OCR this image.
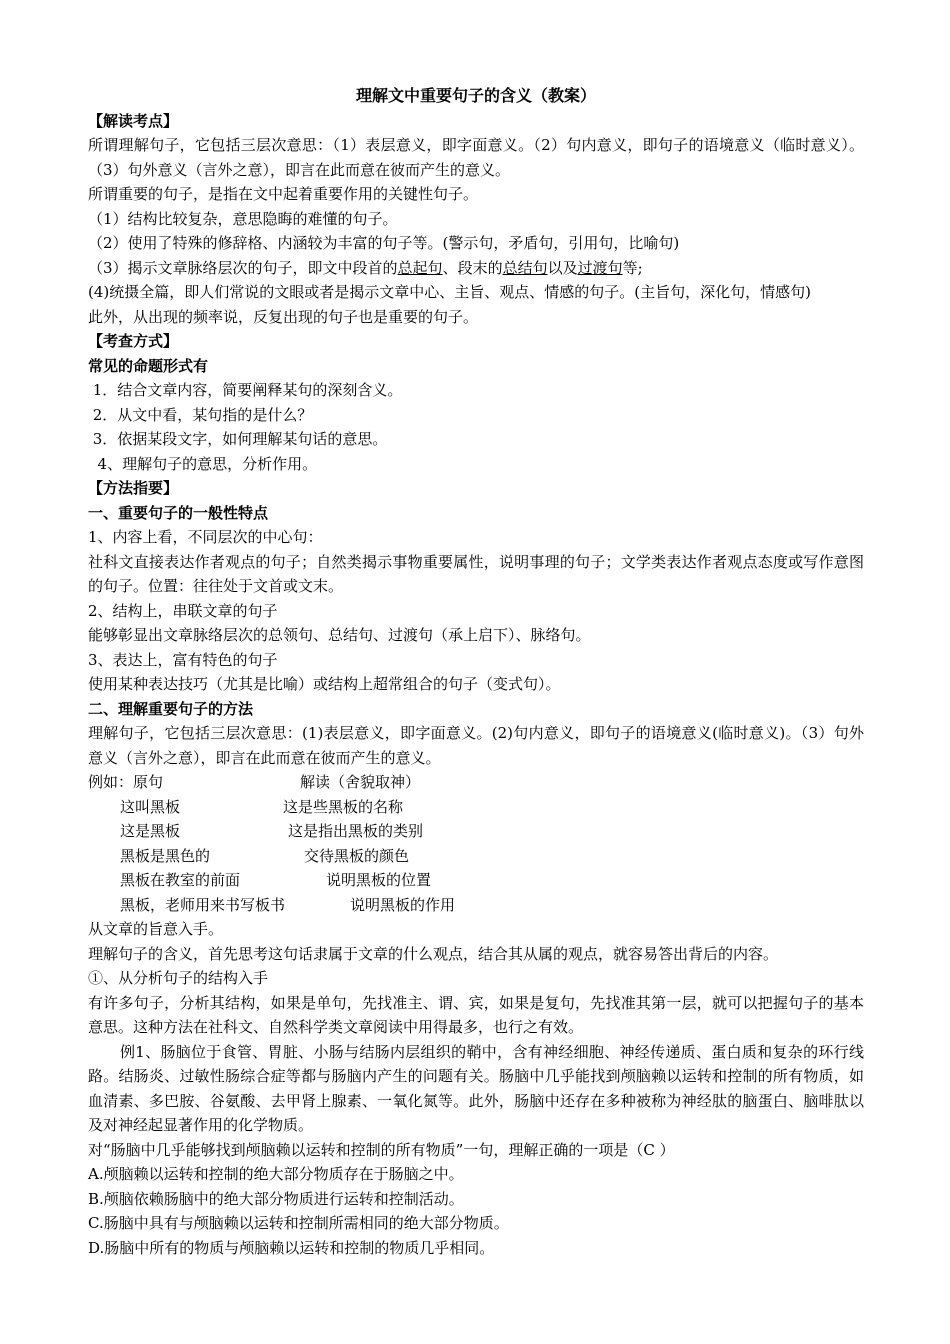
理解文中重要句子的含义（教案）
【解读考点】
所谓理解句子，它包括三层次意思：（1）表层意义，即字面意义。（2）句内意义，即句子的语境意义（临时意义）。（3）句外意义（言外之意），即言在此而意在彼而产生的意义。
所谓重要的句子，是指在文中起着重要作用的关键性句子。
（1）结构比较复杂，意思隐晦的难懂的句子。
（2）使用了特殊的修辞格、内涵较为丰富的句子等。(警示句，矛盾句，引用句，比喻句)
（3）揭示文章脉络层次的句子，即文中段首的总起句、段末的总结句以及过渡句等;
(4)统摄全篇，即人们常说的文眼或者是揭示文章中心、主旨、观点、情感的句子。(主旨句，深化句，情感句)
此外，从出现的频率说，反复出现的句子也是重要的句子。
【考查方式】
常见的命题形式有
1．结合文章内容，简要阐释某句的深刻含义。
2．从文中看，某句指的是什么？
3．依据某段文字，如何理解某句话的意思。
4、理解句子的意思，分析作用。
【方法指要】
一、重要句子的一般性特点
1、内容上看，不同层次的中心句：
社科文直接表达作者观点的句子；自然类揭示事物重要属性，说明事理的句子；文学类表达作者观点态度或写作意图的句子。位置：往往处于文首或文末。
2、结构上，串联文章的句子
能够彰显出文章脉络层次的总领句、总结句、过渡句（承上启下）、脉络句。
3、表达上，富有特色的句子
使用某种表达技巧（尤其是比喻）或结构上超常组合的句子（变式句）。
二、理解重要句子的方法
理解句子，它包括三层次意思：(1)表层意义，即字面意义。(2)句内意义，即句子的语境意义(临时意义)。（3）句外意义（言外之意），即言在此而意在彼而产生的意义。
例如：原句	解读（舍貌取神）
这叫黑板	这是些黑板的名称
这是黑板	这是指出黑板的类别
黑板是黑色的	交待黑板的颜色
黑板在教室的前面	说明黑板的位置
黑板，老师用来书写板书	说明黑板的作用
从文章的旨意入手。
理解句子的含义，首先思考这句话隶属于文章的什么观点，结合其从属的观点，就容易答出背后的内容。
①、从分析句子的结构入手
有许多句子，分析其结构，如果是单句，先找准主、谓、宾，如果是复句，先找准其第一层，就可以把握句子的基本意思。这种方法在社科文、自然科学类文章阅读中用得最多，也行之有效。
例1、肠脑位于食管、胃脏、小肠与结肠内层组织的鞘中，含有神经细胞、神经传递质、蛋白质和复杂的环行线路。结肠炎、过敏性肠综合症等都与肠脑内产生的问题有关。肠脑中几乎能找到颅脑赖以运转和控制的所有物质，如血清素、多巴胺、谷氨酸、去甲肾上腺素、一氧化氮等。此外，肠脑中还存在多种被称为神经肽的脑蛋白、脑啡肽以及对神经起显著作用的化学物质。
对“肠脑中几乎能够找到颅脑赖以运转和控制的所有物质”一句，理解正确的一项是（C ）
A.颅脑赖以运转和控制的绝大部分物质存在于肠脑之中。
B.颅脑依赖肠脑中的绝大部分物质进行运转和控制活动。
C.肠脑中具有与颅脑赖以运转和控制所需相同的绝大部分物质。
D.肠脑中所有的物质与颅脑赖以运转和控制的物质几乎相同。
